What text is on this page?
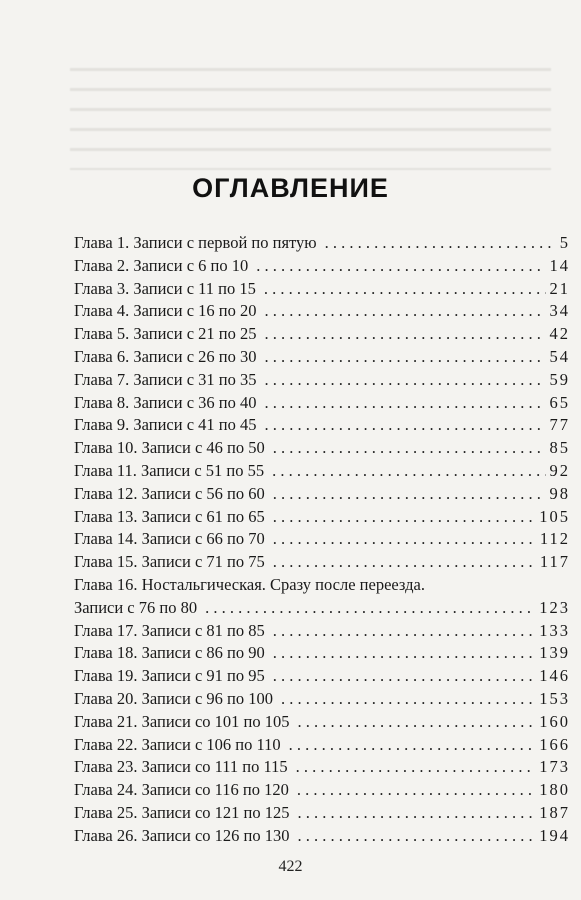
ОГЛАВЛЕНИЕ
Глава 1. Записи с первой по пятую . . .	5
Глава 2. Записи с 6 по 10 . . .	14
Глава 3. Записи с 11 по 15 . . .	21
Глава 4. Записи с 16 по 20 . . .	34
Глава 5. Записи с 21 по 25 . . .	42
Глава 6. Записи с 26 по 30 . . .	54
Глава 7. Записи с 31 по 35 . . .	59
Глава 8. Записи с 36 по 40 . . .	65
Глава 9. Записи с 41 по 45 . . .	77
Глава 10. Записи с 46 по 50 . . .	85
Глава 11. Записи с 51 по 55 . . .	92
Глава 12. Записи с 56 по 60 . . .	98
Глава 13. Записи с 61 по 65 . . .	105
Глава 14. Записи с 66 по 70 . . .	112
Глава 15. Записи с 71 по 75 . . .	117
Глава 16. Ностальгическая. Сразу после переезда.
Записи с 76 по 80 . . .	123
Глава 17. Записи с 81 по 85 . . .	133
Глава 18. Записи с 86 по 90 . . .	139
Глава 19. Записи с 91 по 95 . . .	146
Глава 20. Записи с 96 по 100 . . .	153
Глава 21. Записи со 101 по 105 . . .	160
Глава 22. Записи с 106 по 110 . . .	166
Глава 23. Записи со 111 по 115 . . .	173
Глава 24. Записи со 116 по 120 . . .	180
Глава 25. Записи со 121 по 125 . . .	187
Глава 26. Записи со 126 по 130 . . .	194
422
